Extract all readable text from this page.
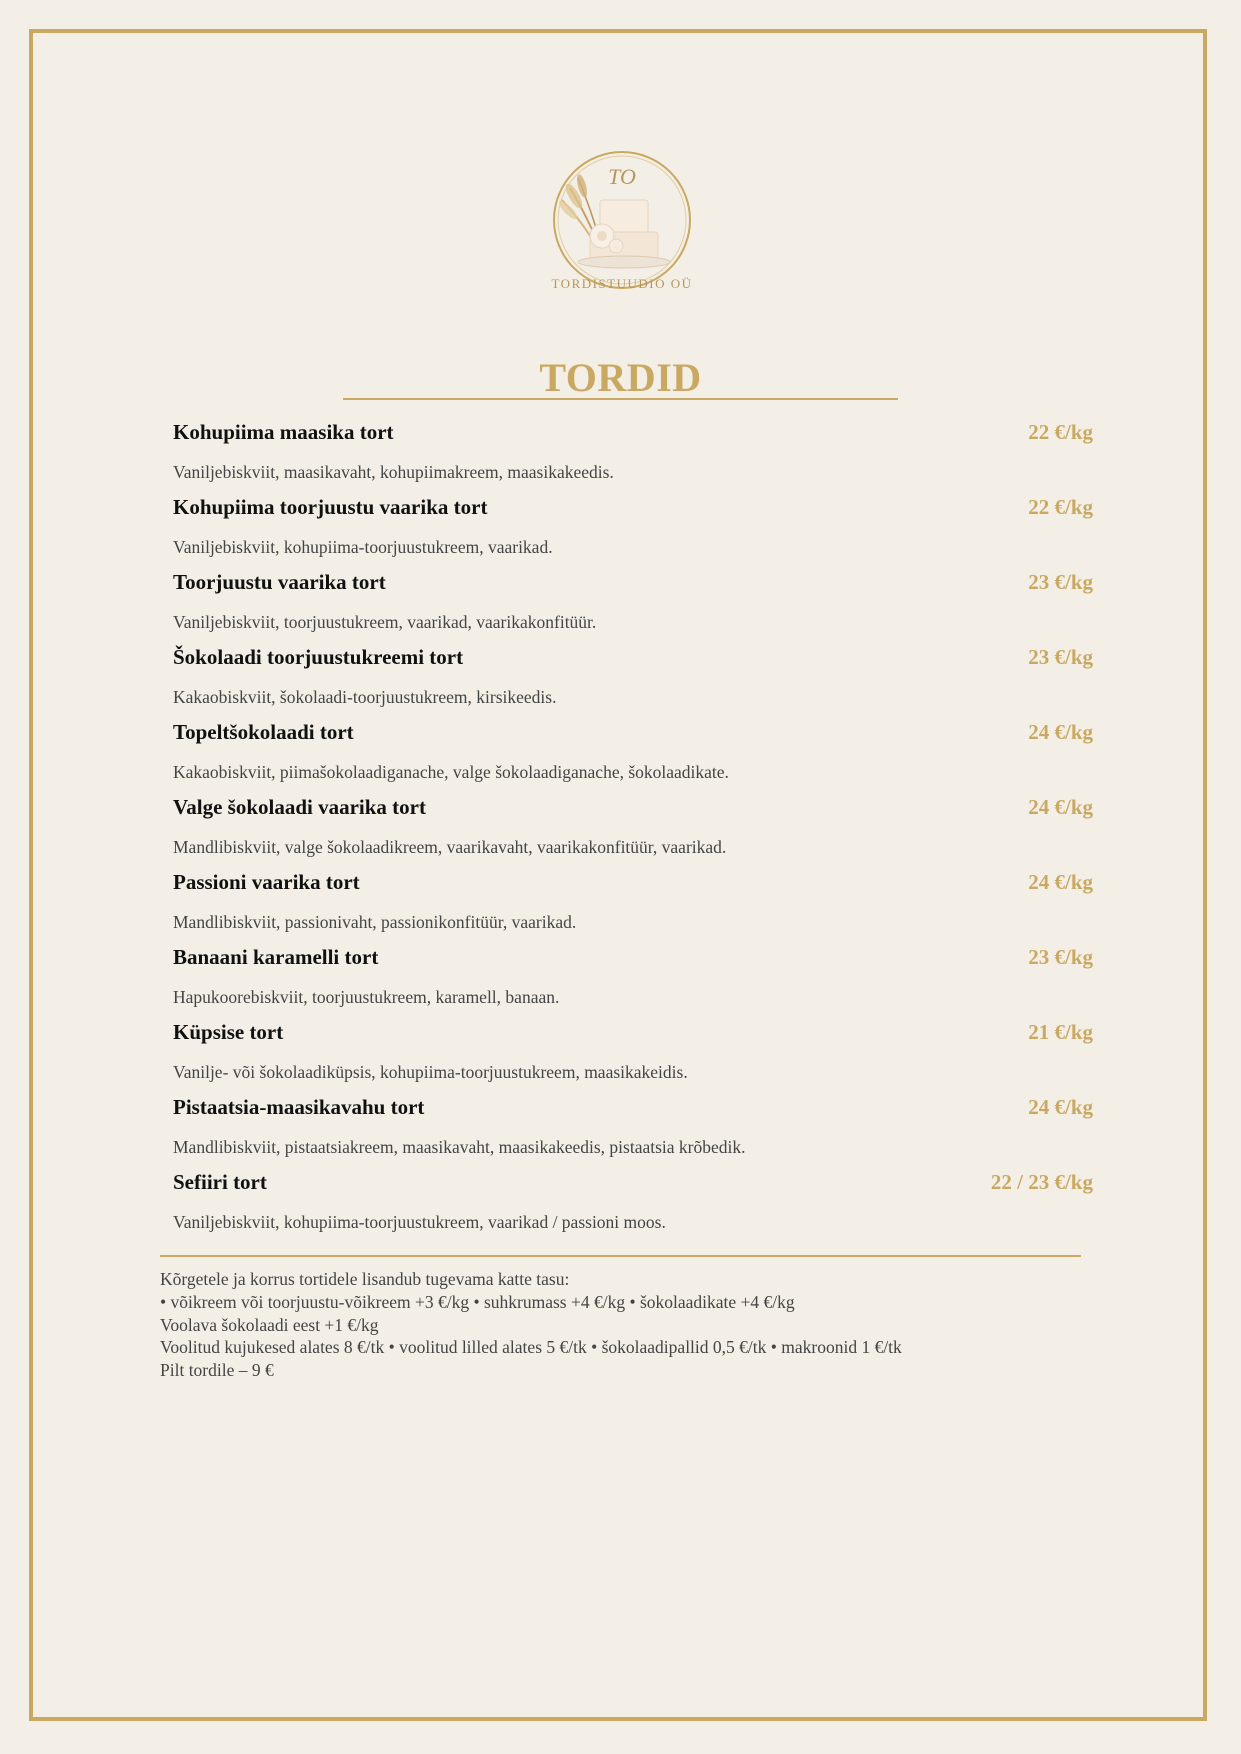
TO
TORDISTUUDIO OÜ
TORDID
Kohupiima maasika tort	22 €/kg
Vaniljebiskviit, maasikavaht, kohupiimakreem, maasikakeedis.
Kohupiima toorjuustu vaarika tort	22 €/kg
Vaniljebiskviit, kohupiima-toorjuustukreem, vaarikad.
Toorjuustu vaarika tort	23 €/kg
Vaniljebiskviit, toorjuustukreem, vaarikad, vaarikakonfitüür.
Šokolaadi toorjuustukreemi tort	23 €/kg
Kakaobiskviit, šokolaadi-toorjuustukreem, kirsikeedis.
Topeltšokolaadi tort	24 €/kg
Kakaobiskviit, piimašokolaadiganache, valge šokolaadiganache, šokolaadikate.
Valge šokolaadi vaarika tort	24 €/kg
Mandlibiskviit, valge šokolaadikreem, vaarikavaht, vaarikakonfitüür, vaarikad.
Passioni vaarika tort	24 €/kg
Mandlibiskviit, passionivaht, passionikonfitüür, vaarikad.
Banaani karamelli tort	23 €/kg
Hapukoorebiskviit, toorjuustukreem, karamell, banaan.
Küpsise tort	21 €/kg
Vanilje- või šokolaadiküpsis, kohupiima-toorjuustukreem, maasikakeidis.
Pistaatsia-maasikavahu tort	24 €/kg
Mandlibiskviit, pistaatsiakreem, maasikavaht, maasikakeedis, pistaatsia krõbedik.
Sefiiri tort	22 / 23 €/kg
Vaniljebiskviit, kohupiima-toorjuustukreem, vaarikad / passioni moos.
Kõrgetele ja korrus tortidele lisandub tugevama katte tasu:
• võikreem või toorjuustu-võikreem +3 €/kg • suhkrumass +4 €/kg • šokolaadikate +4 €/kg
Voolava šokolaadi eest +1 €/kg
Voolitud kujukesed alates 8 €/tk • voolitud lilled alates 5 €/tk • šokolaadipallid 0,5 €/tk • makroonid 1 €/tk
Pilt tordile – 9 €
